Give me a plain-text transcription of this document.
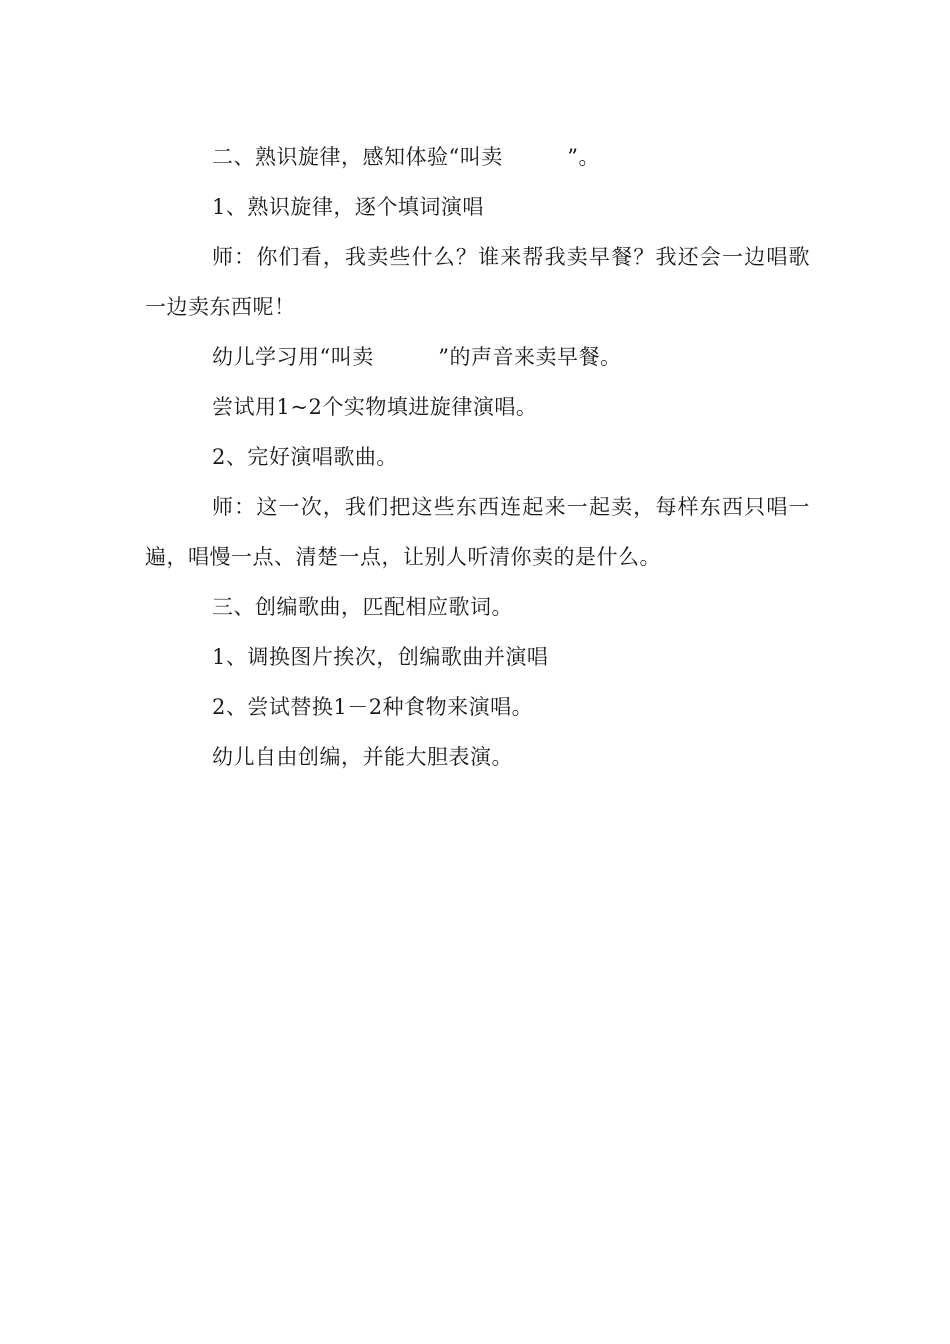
二、熟识旋律，感知体验“叫卖　　　”。

1、熟识旋律，逐个填词演唱

师：你们看，我卖些什么？谁来帮我卖早餐？我还会一边唱歌一边卖东西呢！

幼儿学习用“叫卖　　　”的声音来卖早餐。

尝试用1~2个实物填进旋律演唱。

2、完好演唱歌曲。

师：这一次，我们把这些东西连起来一起卖，每样东西只唱一遍，唱慢一点、清楚一点，让别人听清你卖的是什么。

三、创编歌曲，匹配相应歌词。

1、调换图片挨次，创编歌曲并演唱

2、尝试替换1－2种食物来演唱。

幼儿自由创编，并能大胆表演。
